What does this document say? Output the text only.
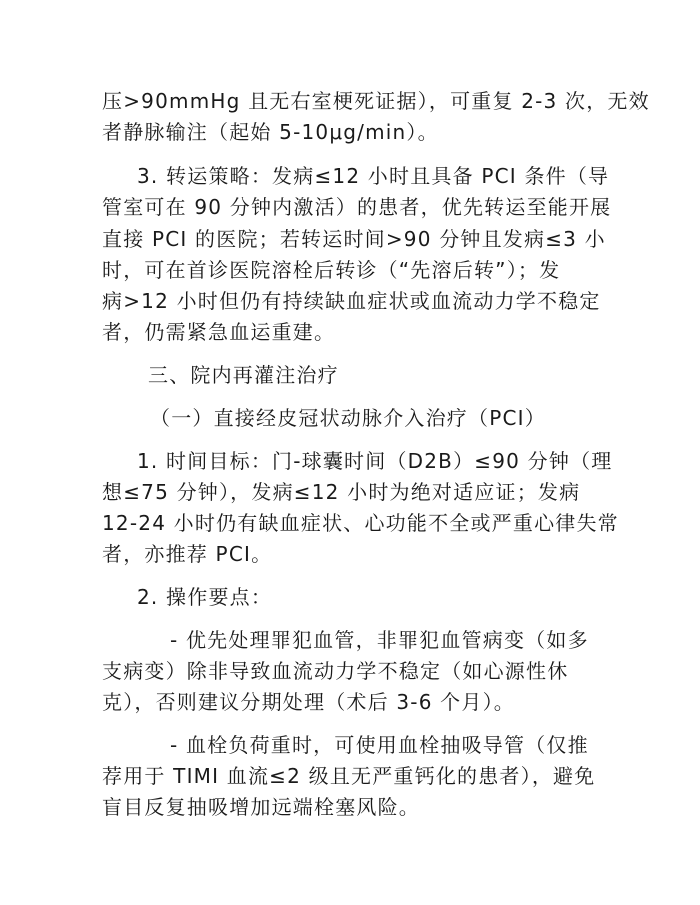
压>90mmHg 且无右室梗死证据），可重复 2-3 次，无效

者静脉输注（起始 5-10μg/min）。

3. 转运策略：发病≤12 小时且具备 PCI 条件（导

管室可在 90 分钟内激活）的患者，优先转运至能开展

直接 PCI 的医院；若转运时间>90 分钟且发病≤3 小

时，可在首诊医院溶栓后转诊（“先溶后转”）；发

病>12 小时但仍有持续缺血症状或血流动力学不稳定

者，仍需紧急血运重建。

三、院内再灌注治疗

（一）直接经皮冠状动脉介入治疗（PCI）

1. 时间目标：门-球囊时间（D2B）≤90 分钟（理

想≤75 分钟），发病≤12 小时为绝对适应证；发病

12-24 小时仍有缺血症状、心功能不全或严重心律失常

者，亦推荐 PCI。

2. 操作要点：

- 优先处理罪犯血管，非罪犯血管病变（如多

支病变）除非导致血流动力学不稳定（如心源性休

克），否则建议分期处理（术后 3-6 个月）。

- 血栓负荷重时，可使用血栓抽吸导管（仅推

荐用于 TIMI 血流≤2 级且无严重钙化的患者），避免

盲目反复抽吸增加远端栓塞风险。
